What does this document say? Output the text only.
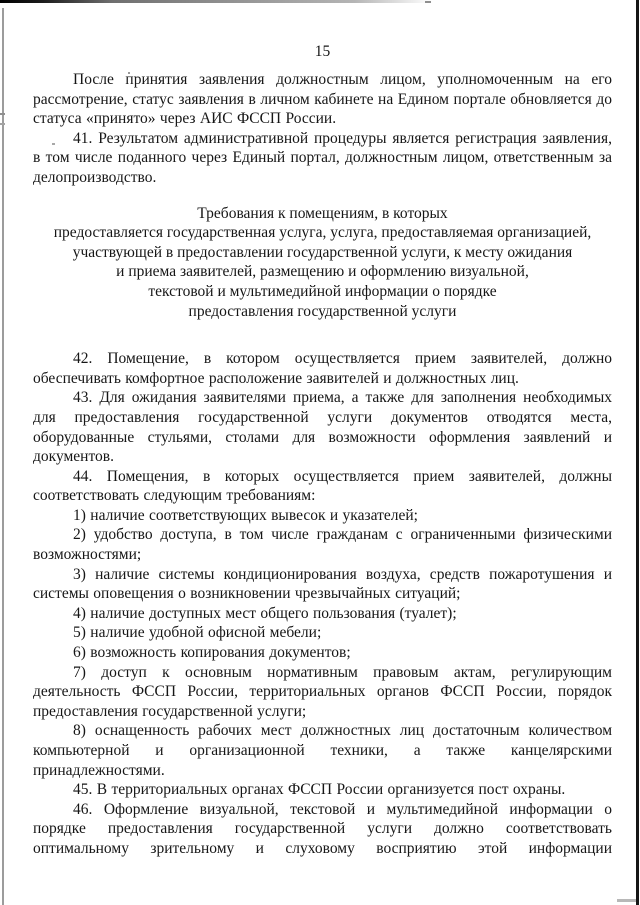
15

После принятия заявления должностным лицом, уполномоченным на его рассмотрение, статус заявления в личном кабинете на Едином портале обновляется до статуса «принято» через АИС ФССП России.

41. Результатом административной процедуры является регистрация заявления, в том числе поданного через Единый портал, должностным лицом, ответственным за делопроизводство.

Требования к помещениям, в которых
предоставляется государственная услуга, услуга, предоставляемая организацией,
участвующей в предоставлении государственной услуги, к месту ожидания
и приема заявителей, размещению и оформлению визуальной,
текстовой и мультимедийной информации о порядке
предоставления государственной услуги

42. Помещение, в котором осуществляется прием заявителей, должно обеспечивать комфортное расположение заявителей и должностных лиц.

43. Для ожидания заявителями приема, а также для заполнения необходимых для предоставления государственной услуги документов отводятся места, оборудованные стульями, столами для возможности оформления заявлений и документов.

44. Помещения, в которых осуществляется прием заявителей, должны соответствовать следующим требованиям:

1) наличие соответствующих вывесок и указателей;

2) удобство доступа, в том числе гражданам с ограниченными физическими возможностями;

3) наличие системы кондиционирования воздуха, средств пожаротушения и системы оповещения о возникновении чрезвычайных ситуаций;

4) наличие доступных мест общего пользования (туалет);

5) наличие удобной офисной мебели;

6) возможность копирования документов;

7) доступ к основным нормативным правовым актам, регулирующим деятельность ФССП России, территориальных органов ФССП России, порядок предоставления государственной услуги;

8) оснащенность рабочих мест должностных лиц достаточным количеством компьютерной и организационной техники, а также канцелярскими принадлежностями.

45. В территориальных органах ФССП России организуется пост охраны.

46. Оформление визуальной, текстовой и мультимедийной информации о порядке предоставления государственной услуги должно соответствовать оптимальному зрительному и слуховому восприятию этой информации
